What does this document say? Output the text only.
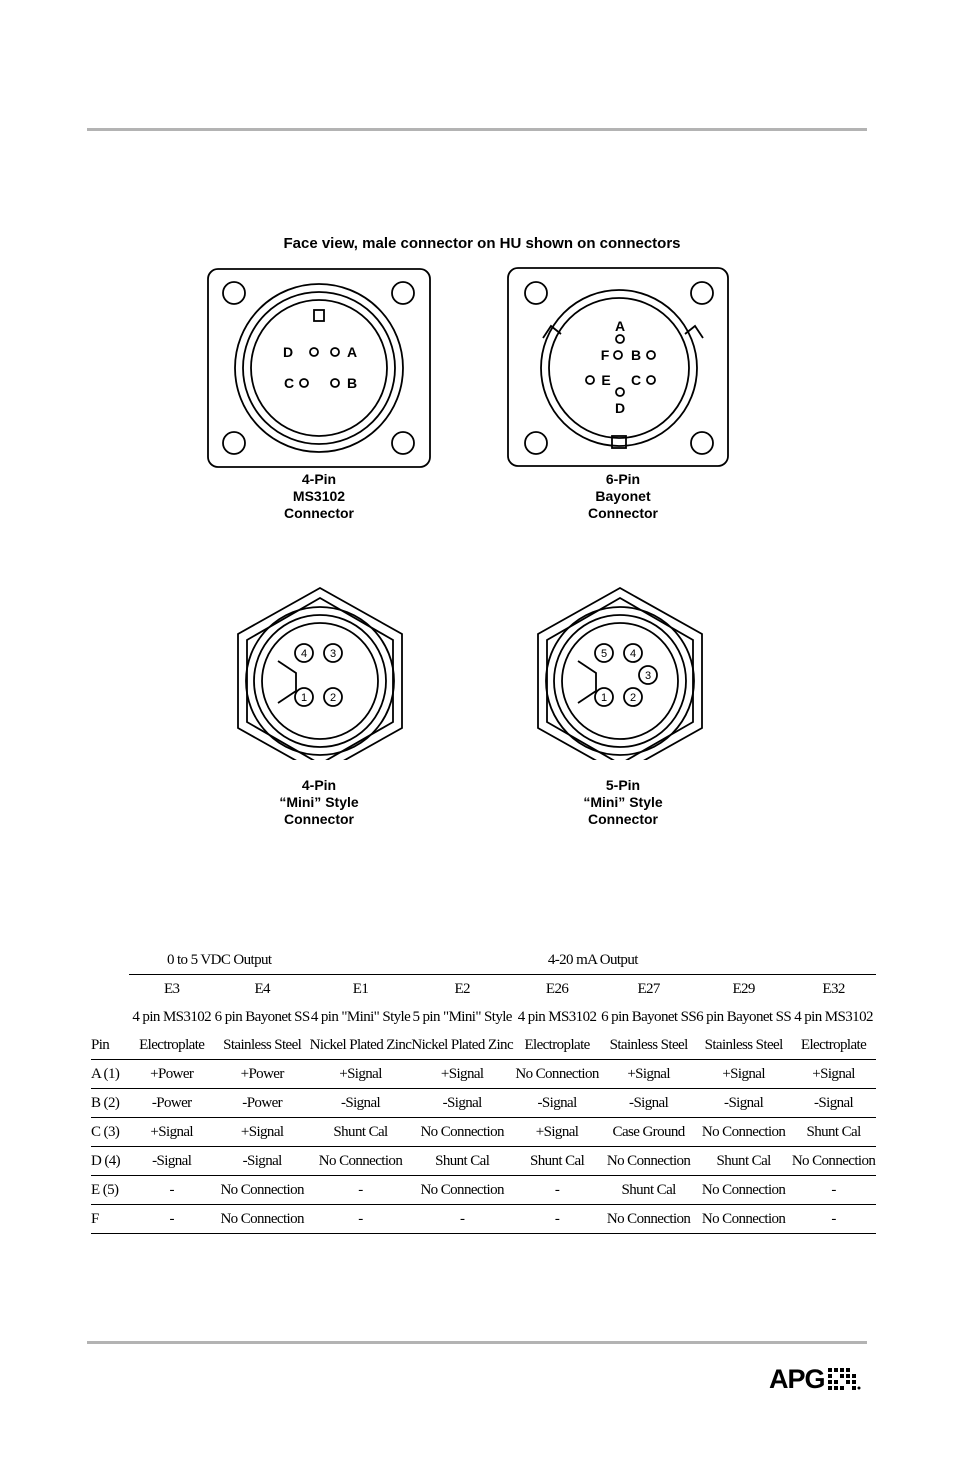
Face view, male connector on HU shown on connectors
D	A
C	B
A
F B
E C
D
4 3
1 2
5 4
3
1 2
4-Pin
MS3102
Connector
6-Pin
Bayonet
Connector
4-Pin
“Mini” Style
Connector
5-Pin
“Mini” Style
Connector
	0 to 5 VDC Output		4-20 mA Output					
	E3	E4	E1	E2	E26	E27	E29	E32
	4 pin MS3102	6 pin Bayonet SS	4 pin "Mini" Style	5 pin "Mini" Style	4 pin MS3102	6 pin Bayonet SS	6 pin Bayonet SS	4 pin MS3102
Pin	Electroplate	Stainless Steel	Nickel Plated Zinc	Nickel Plated Zinc	Electroplate	Stainless Steel	Stainless Steel	Electroplate
A (1)	+Power	+Power	+Signal	+Signal	No Connection	+Signal	+Signal	+Signal
B (2)	-Power	-Power	-Signal	-Signal	-Signal	-Signal	-Signal	-Signal
C (3)	+Signal	+Signal	Shunt Cal	No Connection	+Signal	Case Ground	No Connection	Shunt Cal
D (4)	-Signal	-Signal	No Connection	Shunt Cal	Shunt Cal	No Connection	Shunt Cal	No Connection
E (5)	-	No Connection	-	No Connection	-	Shunt Cal	No Connection	-
F	-	No Connection	-	-	-	No Connection	No Connection	-
APG
